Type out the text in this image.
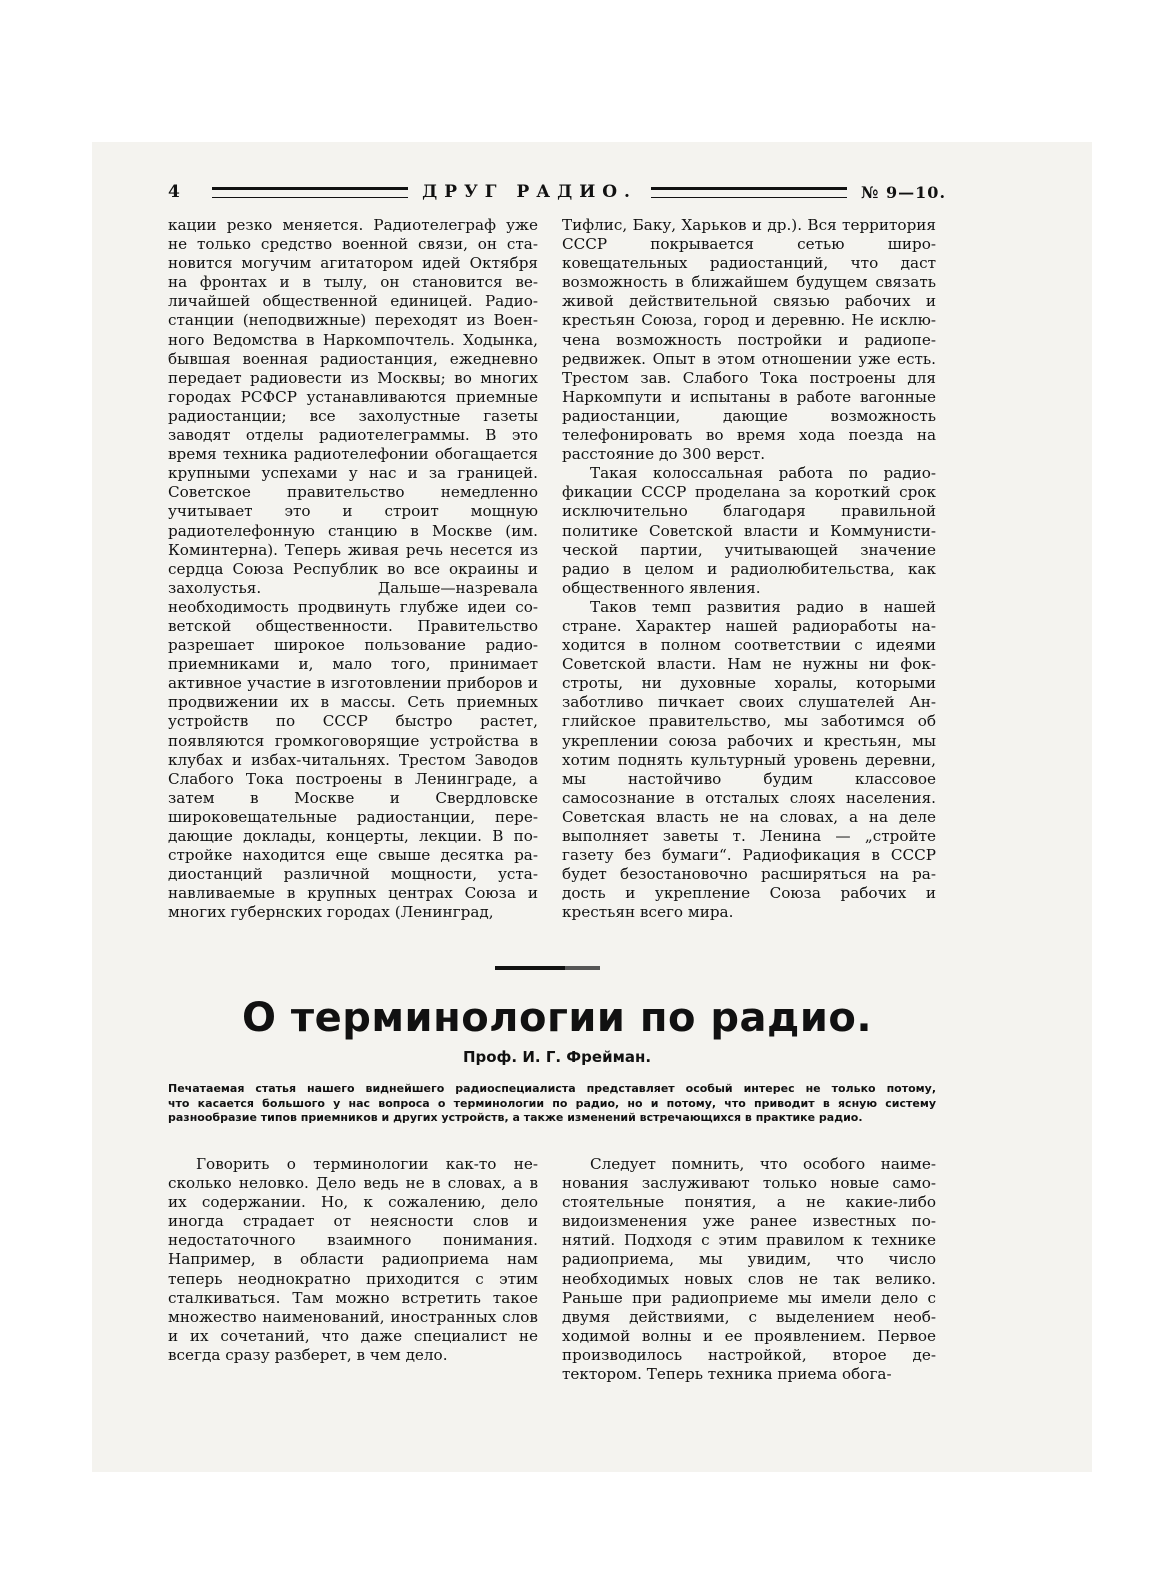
4	ДРУГ РАДИО.	№ 9—10.

кации резко меняется. Радиотелеграф уже не только средство военной связи, он становится могучим агитатором идей Октября на фронтах и в тылу, он становится величайшей общественной единицей. Радиостанции (неподвижные) переходят из Военного Ведомства в Наркомпочтель. Ходынка, бывшая военная радиостанция, ежедневно передает радиовести из Москвы; во многих городах РСФСР устанавливаются приемные радиостанции; все захолустные газеты заводят отделы радиотелеграммы. В это время техника радиотелефонии обогащается крупными успехами у нас и за границей. Советское правительство немедленно учитывает это и строит мощную радиотелефонную станцию в Москве (им. Коминтерна). Теперь живая речь несется из сердца Союза Республик во все окраины и захолустья. Дальше—назревала необходимость продвинуть глубже идеи советской общественности. Правительство разрешает широкое пользование радиоприемниками и, мало того, принимает активное участие в изготовлении приборов и продвижении их в массы. Сеть приемных устройств по СССР быстро растет, появляются громкоговорящие устройства в клубах и избах-читальнях. Трестом Заводов Слабого Тока построены в Ленинграде, а затем в Москве и Свердловске широковещательные радиостанции, передающие доклады, концерты, лекции. В постройке находится еще свыше десятка радиостанций различной мощности, устанавливаемые в крупных центрах Союза и многих губернских городах (Ленинград,

Тифлис, Баку, Харьков и др.). Вся территория СССР покрывается сетью широковещательных радиостанций, что даст возможность в ближайшем будущем связать живой действительной связью рабочих и крестьян Союза, город и деревню. Не исключена возможность постройки и радиопередвижек. Опыт в этом отношении уже есть. Трестом зав. Слабого Тока построены для Наркомпути и испытаны в работе вагонные радиостанции, дающие возможность телефонировать во время хода поезда на расстояние до 300 верст.

Такая колоссальная работа по радиофикации СССР проделана за короткий срок исключительно благодаря правильной политике Советской власти и Коммунистической партии, учитывающей значение радио в целом и радиолюбительства, как общественного явления.

Таков темп развития радио в нашей стране. Характер нашей радиоработы находится в полном соответствии с идеями Советской власти. Нам не нужны ни фокстроты, ни духовные хоралы, которыми заботливо пичкает своих слушателей Английское правительство, мы заботимся об укреплении союза рабочих и крестьян, мы хотим поднять культурный уровень деревни, мы настойчиво будим классовое самосознание в отсталых слоях населения. Советская власть не на словах, а на деле выполняет заветы т. Ленина — „стройте газету без бумаги“. Радиофикация в СССР будет безостановочно расширяться на радость и укрепление Союза рабочих и крестьян всего мира.

О терминологии по радио.
Проф. И. Г. Фрейман.
Печатаемая статья нашего виднейшего радиоспециалиста представляет особый интерес не только потому,
что касается большого у нас вопроса о терминологии по радио, но и потому, что приводит в ясную систему
разнообразие типов приемников и других устройств, а также изменений встречающихся в практике радио.

Говорить о терминологии как-то несколько неловко. Дело ведь не в словах, а в их содержании. Но, к сожалению, дело иногда страдает от неясности слов и недостаточного взаимного понимания. Например, в области радиоприема нам теперь неоднократно приходится с этим сталкиваться. Там можно встретить такое множество наименований, иностранных слов и их сочетаний, что даже специалист не всегда сразу разберет, в чем дело.

Следует помнить, что особого наименования заслуживают только новые самостоятельные понятия, а не какие-либо видоизменения уже ранее известных понятий. Подходя с этим правилом к технике радиоприема, мы увидим, что число необходимых новых слов не так велико. Раньше при радиоприеме мы имели дело с двумя действиями, с выделением необходимой волны и ее проявлением. Первое производилось настройкой, второе детектором. Теперь техника приема обога-
